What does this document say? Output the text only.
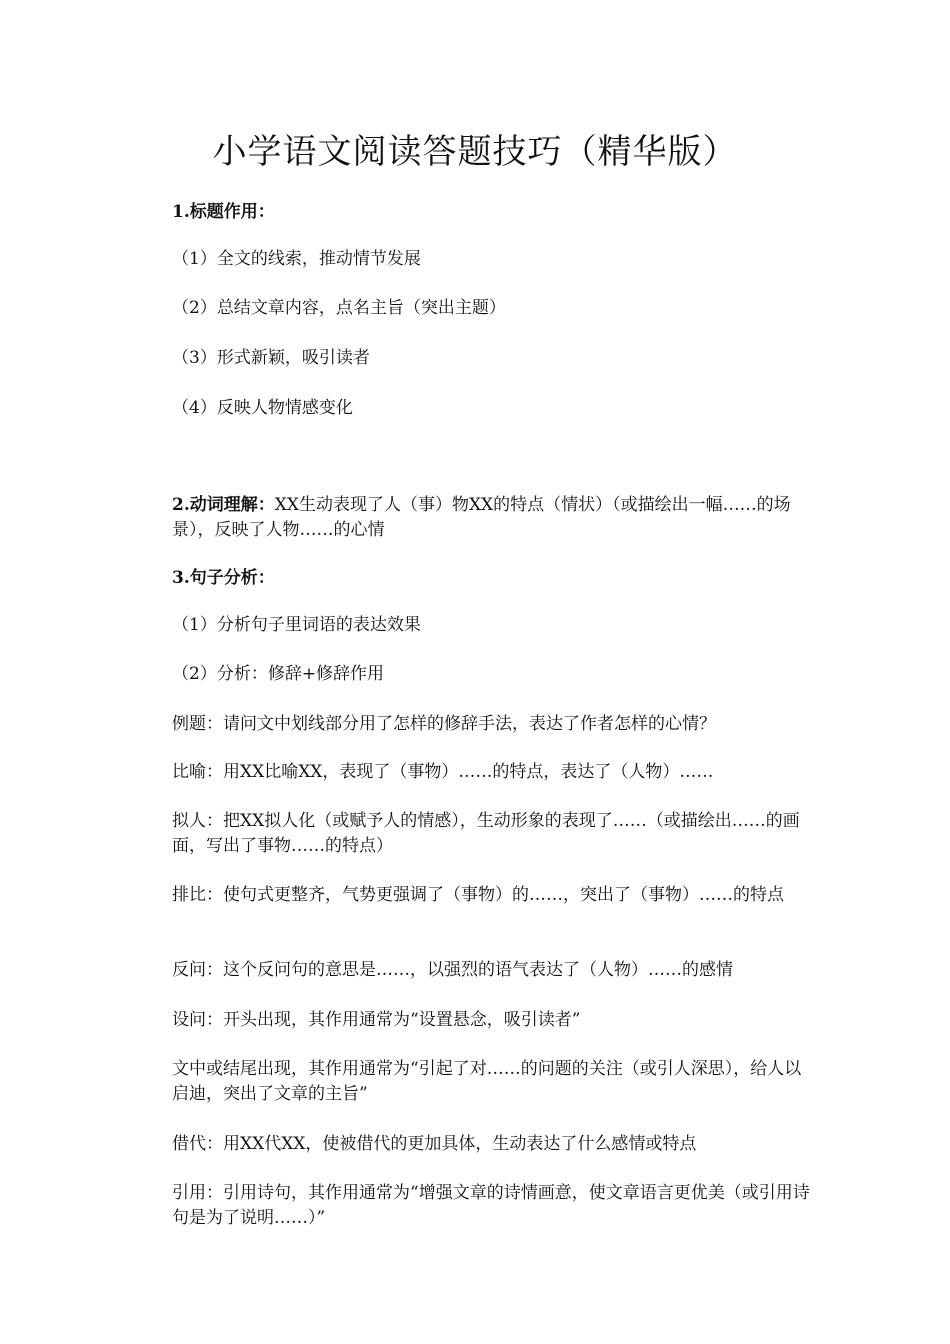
小学语文阅读答题技巧（精华版）

1.标题作用：

（1）全文的线索，推动情节发展

（2）总结文章内容，点名主旨（突出主题）

（3）形式新颖，吸引读者

（4）反映人物情感变化

2.动词理解：XX生动表现了人（事）物XX的特点（情状）（或描绘出一幅……的场景），反映了人物……的心情

3.句子分析：

（1）分析句子里词语的表达效果

（2）分析：修辞+修辞作用

例题：请问文中划线部分用了怎样的修辞手法，表达了作者怎样的心情？

比喻：用XX比喻XX，表现了（事物）……的特点，表达了（人物）……

拟人：把XX拟人化（或赋予人的情感），生动形象的表现了……（或描绘出……的画面，写出了事物……的特点）

排比：使句式更整齐，气势更强调了（事物）的……，突出了（事物）……的特点

反问：这个反问句的意思是……，以强烈的语气表达了（人物）……的感情

设问：开头出现，其作用通常为“设置悬念，吸引读者”

文中或结尾出现，其作用通常为“引起了对……的问题的关注（或引人深思），给人以启迪，突出了文章的主旨”

借代：用XX代XX，使被借代的更加具体，生动表达了什么感情或特点

引用：引用诗句，其作用通常为“增强文章的诗情画意，使文章语言更优美（或引用诗句是为了说明……）”
